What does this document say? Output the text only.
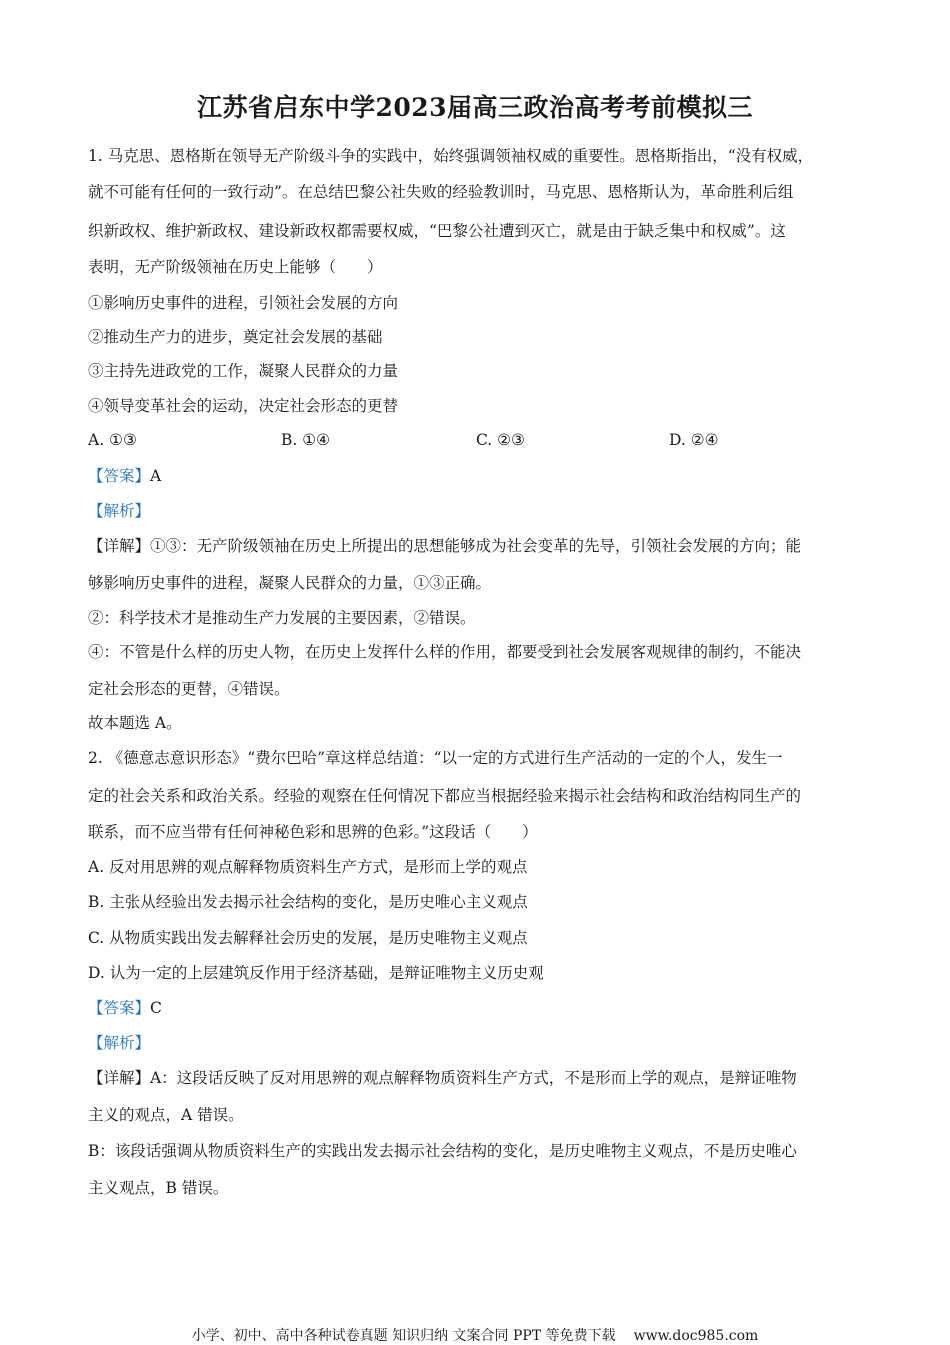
江苏省启东中学2023届高三政治高考考前模拟三
1. 马克思、恩格斯在领导无产阶级斗争的实践中，始终强调领袖权威的重要性。恩格斯指出，“没有权威，
就不可能有任何的一致行动”。在总结巴黎公社失败的经验教训时，马克思、恩格斯认为，革命胜利后组
织新政权、维护新政权、建设新政权都需要权威，“巴黎公社遭到灭亡，就是由于缺乏集中和权威”。这
表明，无产阶级领袖在历史上能够（　　）
①影响历史事件的进程，引领社会发展的方向
②推动生产力的进步，奠定社会发展的基础
③主持先进政党的工作，凝聚人民群众的力量
④领导变革社会的运动，决定社会形态的更替
A. ①③	B. ①④	C. ②③	D. ②④
【答案】A
【解析】
【详解】①③：无产阶级领袖在历史上所提出的思想能够成为社会变革的先导，引领社会发展的方向；能
够影响历史事件的进程，凝聚人民群众的力量，①③正确。
②：科学技术才是推动生产力发展的主要因素，②错误。
④：不管是什么样的历史人物，在历史上发挥什么样的作用，都要受到社会发展客观规律的制约，不能决
定社会形态的更替，④错误。
故本题选 A。
2. 《德意志意识形态》“费尔巴哈”章这样总结道：“以一定的方式进行生产活动的一定的个人，发生一
定的社会关系和政治关系。经验的观察在任何情况下都应当根据经验来揭示社会结构和政治结构同生产的
联系，而不应当带有任何神秘色彩和思辨的色彩。”这段话（　　）
A. 反对用思辨的观点解释物质资料生产方式，是形而上学的观点
B. 主张从经验出发去揭示社会结构的变化，是历史唯心主义观点
C. 从物质实践出发去解释社会历史的发展，是历史唯物主义观点
D. 认为一定的上层建筑反作用于经济基础，是辩证唯物主义历史观
【答案】C
【解析】
【详解】A：这段话反映了反对用思辨的观点解释物质资料生产方式，不是形而上学的观点，是辩证唯物
主义的观点，A 错误。
B：该段话强调从物质资料生产的实践出发去揭示社会结构的变化，是历史唯物主义观点，不是历史唯心
主义观点，B 错误。
小学、初中、高中各种试卷真题 知识归纳 文案合同 PPT 等免费下载 www.doc985.com
